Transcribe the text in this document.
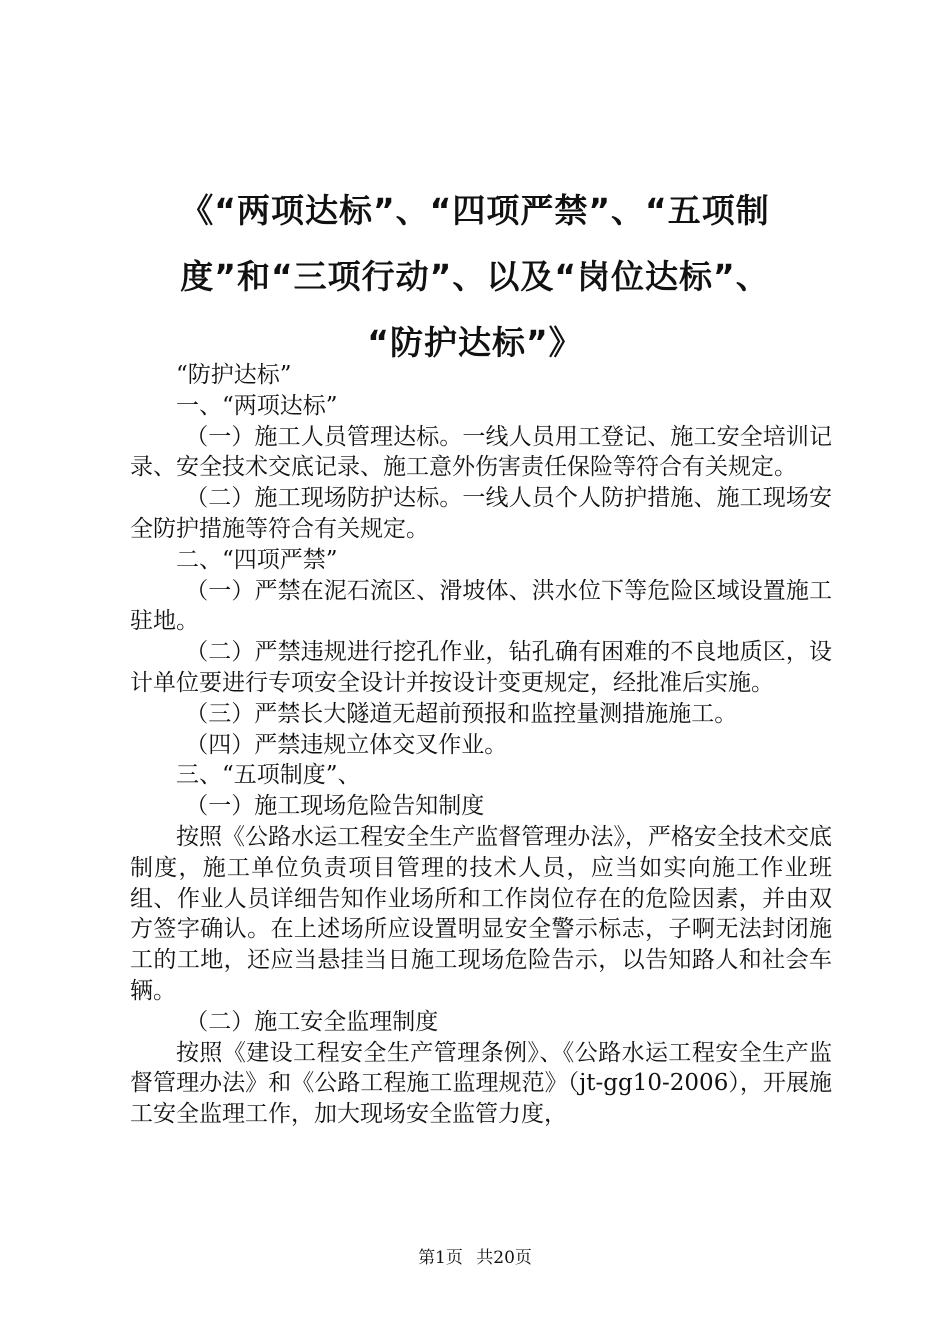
《“两项达标”、“四项严禁”、“五项制
度”和“三项行动”、以及“岗位达标”、
“防护达标”》

“防护达标”

一、“两项达标”

（一）施工人员管理达标。一线人员用工登记、施工安全培训记录、安全技术交底记录、施工意外伤害责任保险等符合有关规定。

（二）施工现场防护达标。一线人员个人防护措施、施工现场安全防护措施等符合有关规定。

二、“四项严禁”

（一）严禁在泥石流区、滑坡体、洪水位下等危险区域设置施工驻地。

（二）严禁违规进行挖孔作业，钻孔确有困难的不良地质区，设计单位要进行专项安全设计并按设计变更规定，经批准后实施。

（三）严禁长大隧道无超前预报和监控量测措施施工。

（四）严禁违规立体交叉作业。

三、“五项制度”、

（一）施工现场危险告知制度

按照《公路水运工程安全生产监督管理办法》，严格安全技术交底制度，施工单位负责项目管理的技术人员，应当如实向施工作业班组、作业人员详细告知作业场所和工作岗位存在的危险因素，并由双方签字确认。在上述场所应设置明显安全警示标志，子啊无法封闭施工的工地，还应当悬挂当日施工现场危险告示，以告知路人和社会车辆。

（二）施工安全监理制度

按照《建设工程安全生产管理条例》、《公路水运工程安全生产监督管理办法》和《公路工程施工监理规范》（jt-gg10-2006），开展施工安全监理工作，加大现场安全监管力度，

第1页 共20页
